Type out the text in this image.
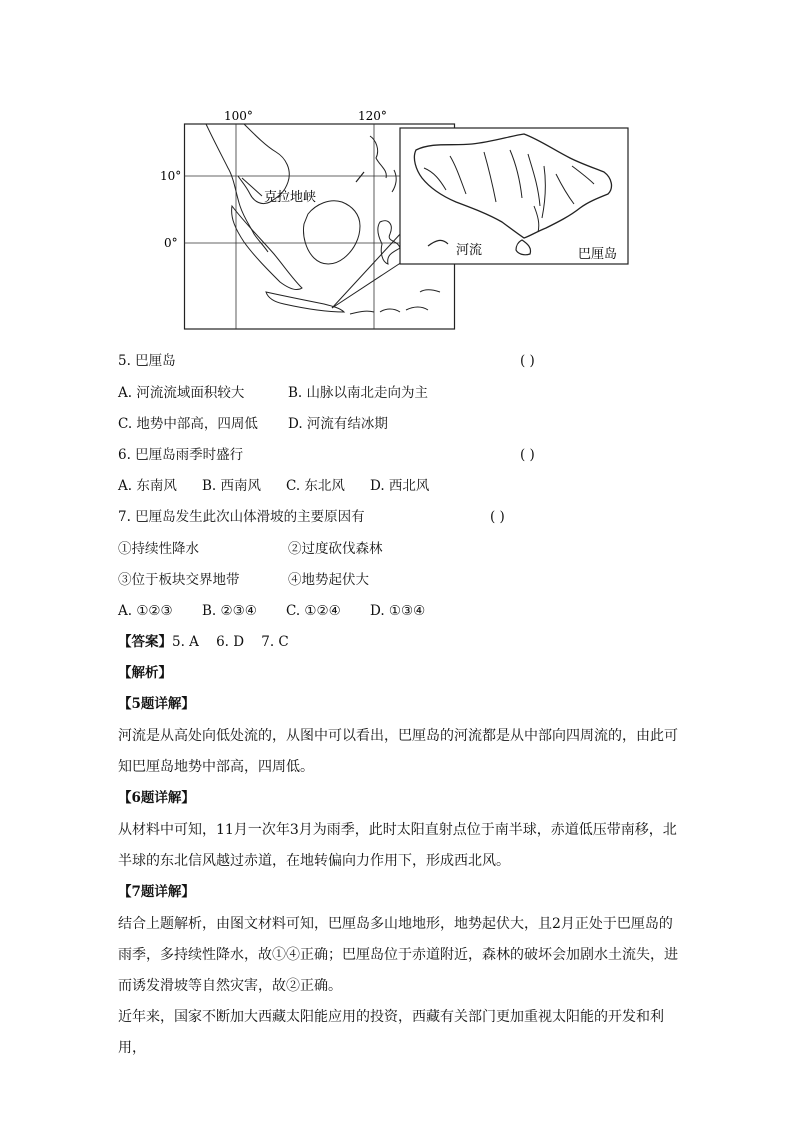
100°	120°
10°
0°
克拉地峡
河流	巴厘岛
5. 巴厘岛	( )
A. 河流流域面积较大	B. 山脉以南北走向为主
C. 地势中部高，四周低 D. 河流有结冰期
6. 巴厘岛雨季时盛行	( )
A. 东南风 B. 西南风 C. 东北风 D. 西北风
7. 巴厘岛发生此次山体滑坡的主要原因有	( )
①持续性降水	②过度砍伐森林
③位于板块交界地带	④地势起伏大
A. ①②③ B. ②③④ C. ①②④ D. ①③④
【答案】5. A    6. D    7. C
【解析】
【5题详解】
河流是从高处向低处流的，从图中可以看出，巴厘岛的河流都是从中部向四周流的，由此可知巴厘岛地势中部高，四周低。
【6题详解】
从材料中可知，11月一次年3月为雨季，此时太阳直射点位于南半球，赤道低压带南移，北半球的东北信风越过赤道，在地转偏向力作用下，形成西北风。
【7题详解】
结合上题解析，由图文材料可知，巴厘岛多山地地形，地势起伏大，且2月正处于巴厘岛的雨季，多持续性降水，故①④正确；巴厘岛位于赤道附近，森林的破坏会加剧水土流失，进而诱发滑坡等自然灾害，故②正确。
近年来，国家不断加大西藏太阳能应用的投资，西藏有关部门更加重视太阳能的开发和利用，
